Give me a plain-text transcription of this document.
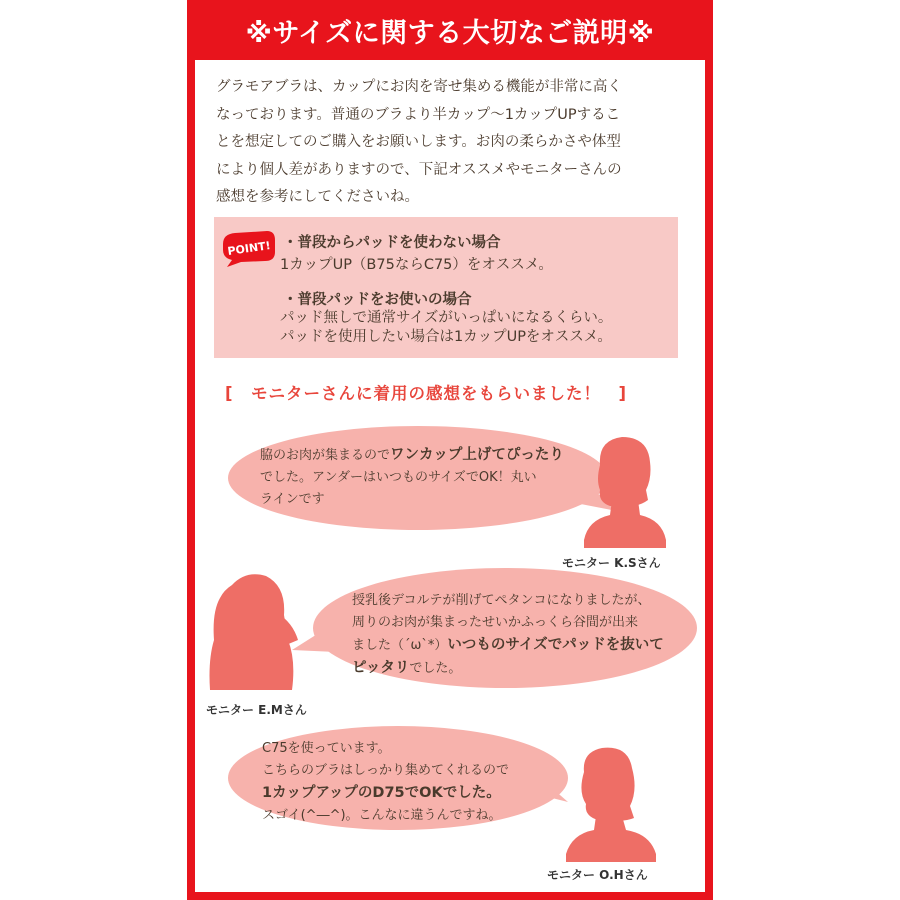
※サイズに関する大切なご説明※

グラモアブラは、カップにお肉を寄せ集める機能が非常に高く

なっております。普通のブラより半カップ〜1カップUPするこ

とを想定してのご購入をお願いします。お肉の柔らかさや体型

により個人差がありますので、下記オススメやモニターさんの

感想を参考にしてくださいね。

POINT! ・普段からパッドを使わない場合
1カップUP（B75ならC75）をオススメ。
・普段パッドをお使いの場合
パッド無しで通常サイズがいっぱいになるくらい。
パッドを使用したい場合は1カップUPをオススメ。
[　モニターさんに着用の感想をもらいました！　]
脇のお肉が集まるのでワンカップ上げてぴったり
でした。アンダーはいつものサイズでOK！丸い
ラインです
モニター K.Sさん
授乳後デコルテが削げてペタンコになりましたが、
周りのお肉が集まったせいかふっくら谷間が出来
ました（´ω`*）いつものサイズでパッドを抜いて
ピッタリでした。
モニター E.Mさん
C75を使っています。
こちらのブラはしっかり集めてくれるので
1カップアップのD75でOKでした。
スゴイ(^―^)。こんなに違うんですね。
モニター O.Hさん
